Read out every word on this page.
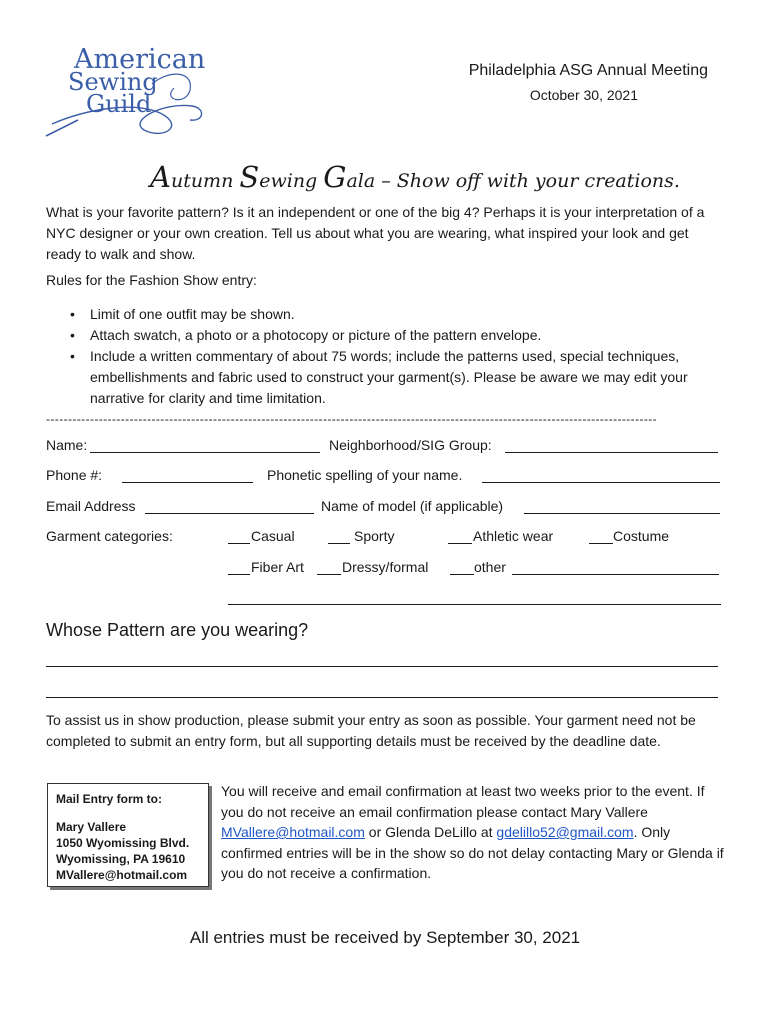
American
Sewing
Guild
Philadelphia ASG Annual Meeting
October 30, 2021
Autumn Sewing Gala – Show off with your creations.
What is your favorite pattern? Is it an independent or one of the big 4? Perhaps it is your interpretation of a NYC designer or your own creation. Tell us about what you are wearing, what inspired your look and get ready to walk and show.
Rules for the Fashion Show entry:
• Limit of one outfit may be shown.
• Attach swatch, a photo or a photocopy or picture of the pattern envelope.
• Include a written commentary of about 75 words; include the patterns used, special techniques, embellishments and fabric used to construct your garment(s). Please be aware we may edit your narrative for clarity and time limitation.
-------------------------------------------------------------------------------------------------------------------------------------------
Name:	Neighborhood/SIG Group:
Phone #:	Phonetic spelling of your name.
Email Address	Name of model (if applicable)
Garment categories:	Casual	Sporty	Athletic wear	Costume
Fiber Art	Dressy/formal	other
Whose Pattern are you wearing?
To assist us in show production, please submit your entry as soon as possible. Your garment need not be completed to submit an entry form, but all supporting details must be received by the deadline date.
Mail Entry form to:
Mary Vallere
1050 Wyomissing Blvd.
Wyomissing, PA 19610
MVallere@hotmail.com
You will receive and email confirmation at least two weeks prior to the event. If you do not receive an email confirmation please contact Mary Vallere MVallere@hotmail.com or Glenda DeLillo at gdelillo52@gmail.com. Only confirmed entries will be in the show so do not delay contacting Mary or Glenda if you do not receive a confirmation.
All entries must be received by September 30, 2021
